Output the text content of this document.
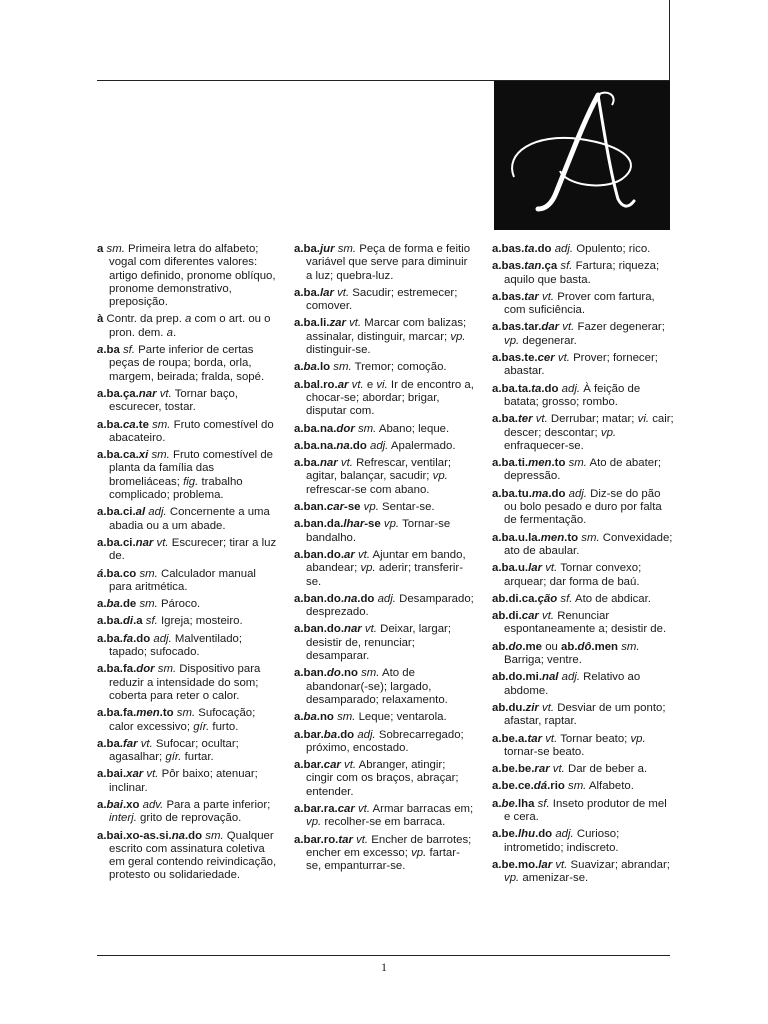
A
a sm. Primeira letra do alfabeto; vogal com diferentes valores: artigo definido, pronome oblíquo, pronome demonstrativo, preposição.
à Contr. da prep. a com o art. ou o pron. dem. a.
a.ba sf. Parte inferior de certas peças de roupa; borda, orla, margem, beirada; fralda, sopé.
a.ba.ça.nar vt. Tornar baço, escurecer, tostar.
a.ba.ca.te sm. Fruto comestível do abacateiro.
a.ba.ca.xi sm. Fruto comestível de planta da família das bromeliáceas; fig. trabalho complicado; problema.
a.ba.ci.al adj. Concernente a uma abadia ou a um abade.
a.ba.ci.nar vt. Escurecer; tirar a luz de.
á.ba.co sm. Calculador manual para aritmética.
a.ba.de sm. Pároco.
a.ba.di.a sf. Igreja; mosteiro.
a.ba.fa.do adj. Malventilado; tapado; sufocado.
a.ba.fa.dor sm. Dispositivo para reduzir a intensidade do som; coberta para reter o calor.
a.ba.fa.men.to sm. Sufocação; calor excessivo; gír. furto.
a.ba.far vt. Sufocar; ocultar; agasalhar; gír. furtar.
a.bai.xar vt. Pôr baixo; atenuar; inclinar.
a.bai.xo adv. Para a parte inferior; interj. grito de reprovação.
a.bai.xo-as.si.na.do sm. Qualquer escrito com assinatura coletiva em geral contendo reivindicação, protesto ou solidariedade.
a.ba.jur sm. Peça de forma e feitio variável que serve para diminuir a luz; quebra-luz.
a.ba.lar vt. Sacudir; estremecer; comover.
a.ba.li.zar vt. Marcar com balizas; assinalar, distinguir, marcar; vp. distinguir-se.
a.ba.lo sm. Tremor; comoção.
a.bal.ro.ar vt. e vi. Ir de encontro a, chocar-se; abordar; brigar, disputar com.
a.ba.na.dor sm. Abano; leque.
a.ba.na.na.do adj. Apalermado.
a.ba.nar vt. Refrescar, ventilar; agitar, balançar, sacudir; vp. refrescar-se com abano.
a.ban.car-se vp. Sentar-se.
a.ban.da.lhar-se vp. Tornar-se bandalho.
a.ban.do.ar vt. Ajuntar em bando, abandear; vp. aderir; transferir-se.
a.ban.do.na.do adj. Desamparado; desprezado.
a.ban.do.nar vt. Deixar, largar; desistir de, renunciar; desamparar.
a.ban.do.no sm. Ato de abandonar(-se); largado, desamparado; relaxamento.
a.ba.no sm. Leque; ventarola.
a.bar.ba.do adj. Sobrecarregado; próximo, encostado.
a.bar.car vt. Abranger, atingir; cingir com os braços, abraçar; entender.
a.bar.ra.car vt. Armar barracas em; vp. recolher-se em barraca.
a.bar.ro.tar vt. Encher de barrotes; encher em excesso; vp. fartar-se, empanturrar-se.
a.bas.ta.do adj. Opulento; rico.
a.bas.tan.ça sf. Fartura; riqueza; aquilo que basta.
a.bas.tar vt. Prover com fartura, com suficiência.
a.bas.tar.dar vt. Fazer degenerar; vp. degenerar.
a.bas.te.cer vt. Prover; fornecer; abastar.
a.ba.ta.ta.do adj. À feição de batata; grosso; rombo.
a.ba.ter vt. Derrubar; matar; vi. cair; descer; descontar; vp. enfraquecer-se.
a.ba.ti.men.to sm. Ato de abater; depressão.
a.ba.tu.ma.do adj. Diz-se do pão ou bolo pesado e duro por falta de fermentação.
a.ba.u.la.men.to sm. Convexidade; ato de abaular.
a.ba.u.lar vt. Tornar convexo; arquear; dar forma de baú.
ab.di.ca.ção sf. Ato de abdicar.
ab.di.car vt. Renunciar espontaneamente a; desistir de.
ab.do.me ou ab.dô.men sm. Barriga; ventre.
ab.do.mi.nal adj. Relativo ao abdome.
ab.du.zir vt. Desviar de um ponto; afastar, raptar.
a.be.a.tar vt. Tornar beato; vp. tornar-se beato.
a.be.be.rar vt. Dar de beber a.
a.be.ce.dá.rio sm. Alfabeto.
a.be.lha sf. Inseto produtor de mel e cera.
a.be.lhu.do adj. Curioso; intrometido; indiscreto.
a.be.mo.lar vt. Suavizar; abrandar; vp. amenizar-se.
1
